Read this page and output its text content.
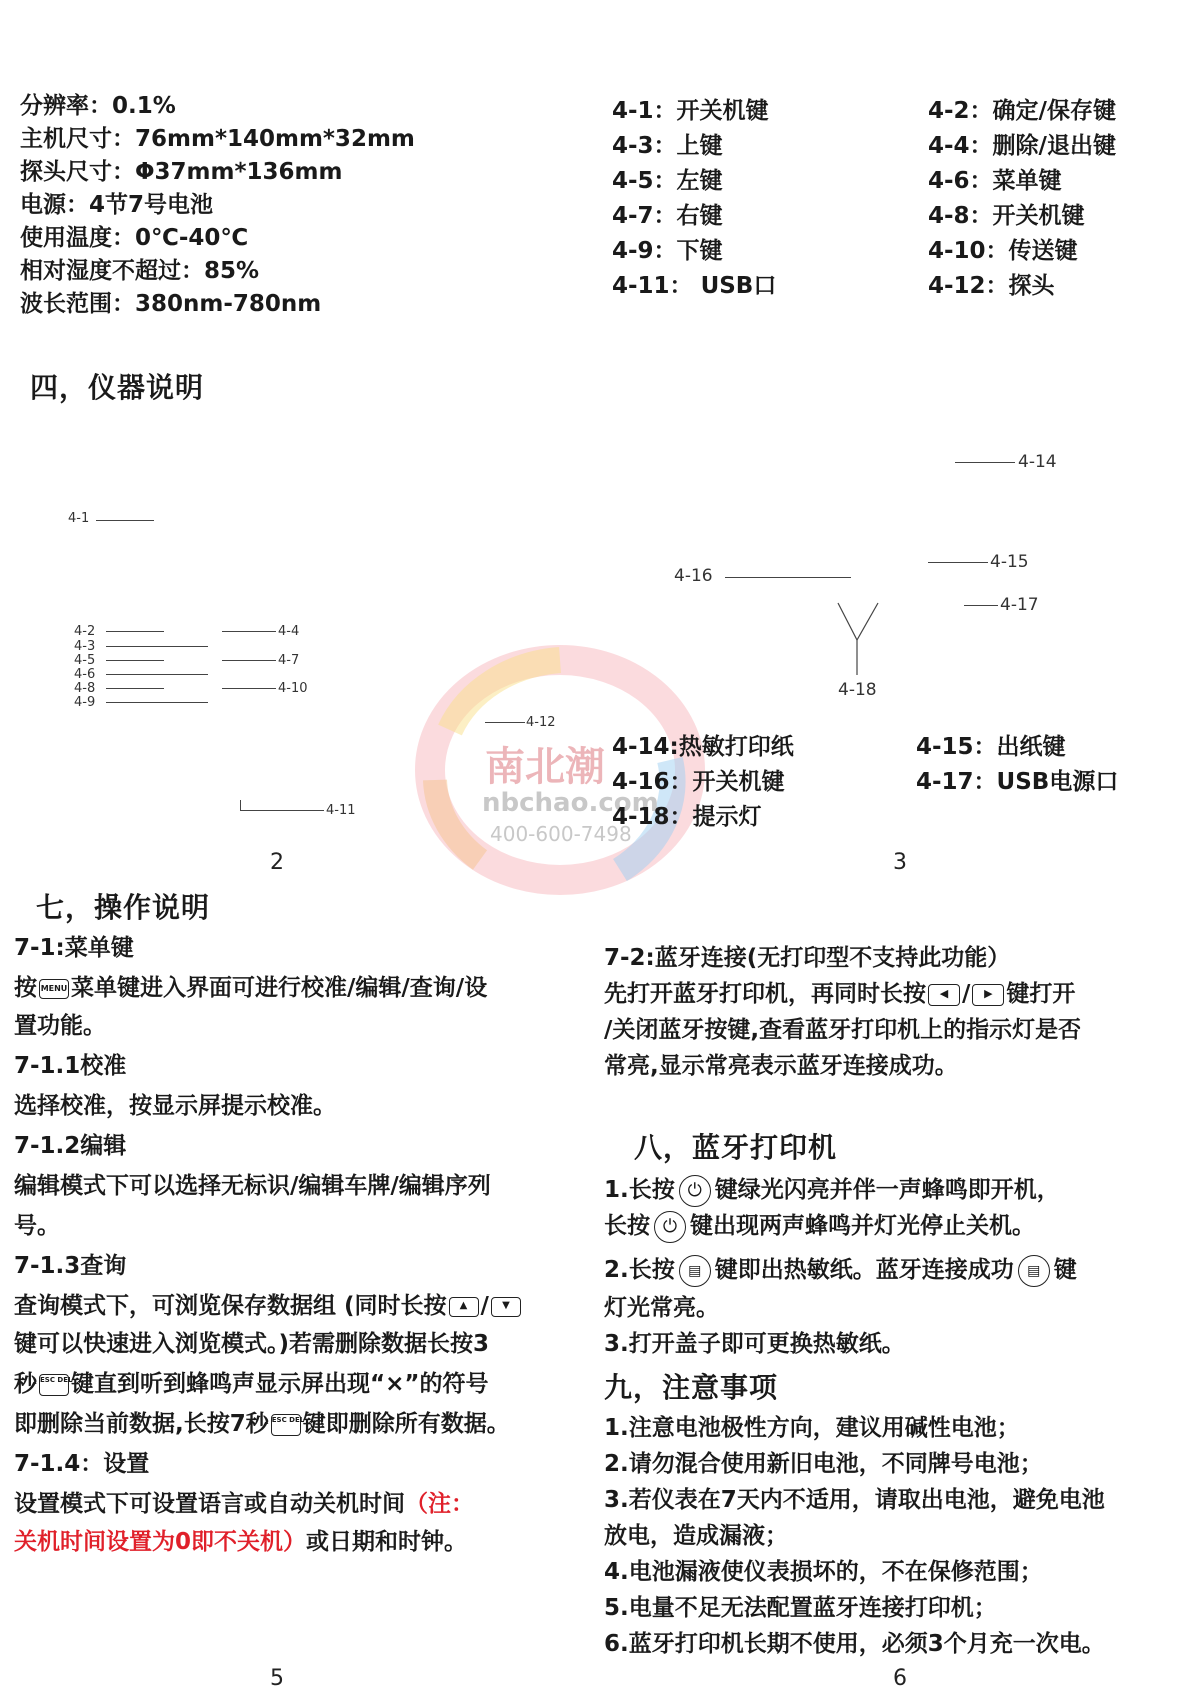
分辨率：0.1%
主机尺寸：76mm*140mm*32mm
探头尺寸：Φ37mm*136mm
电源：4节7号电池
使用温度：0℃-40℃
相对湿度不超过：85%
波长范围：380nm-780nm
4-1：开关机键	4-2：确定/保存键
4-3：上键	4-4：删除/退出键
4-5：左键	4-6：菜单键
4-7：右键	4-8：开关机键
4-9：下键	4-10：传送键
4-11： USB口	4-12：探头
四，仪器说明
南北潮
nbchao.com
400-600-7498
4-1
4-2
4-3
4-5
4-6
4-8
4-9
4-4
4-7
4-10
4-12
4-11
4-14
4-15
4-16
4-17
4-18
4-14:热敏打印纸	4-15：出纸键
4-16：开关机键	4-17：USB电源口
4-18：提示灯
2	3
5	6
七，操作说明
7-1:菜单键
按 MENU 菜单键进入界面可进行校准/编辑/查询/设
置功能。
7-1.1校准
选择校准，按显示屏提示校准。
7-1.2编辑
编辑模式下可以选择无标识/编辑车牌/编辑序列
号。
7-1.3查询
查询模式下，可浏览保存数据组 (同时长按 ▲ / ▼
键可以快速进入浏览模式。)若需删除数据长按3
秒 ESC DEL键直到听到蜂鸣声显示屏出现“×”的符号
即删除当前数据,长按7秒 ESC DEL键即删除所有数据。
7-1.4：设置
设置模式下可设置语言或自动关机时间（注：
关机时间设置为0即不关机）或日期和时钟。
7-2:蓝牙连接(无打印型不支持此功能）
先打开蓝牙打印机，再同时长按 ◀ / ▶ 键打开
/关闭蓝牙按键,查看蓝牙打印机上的指示灯是否
常亮,显示常亮表示蓝牙连接成功。
八，蓝牙打印机
1.长按 ⏻ 键绿光闪亮并伴一声蜂鸣即开机，
长按 ⏻ 键出现两声蜂鸣并灯光停止关机。
2.长按 ▤ 键即出热敏纸。蓝牙连接成功 ▤ 键
灯光常亮。
3.打开盖子即可更换热敏纸。
九，注意事项
1.注意电池极性方向，建议用碱性电池；
2.请勿混合使用新旧电池，不同牌号电池；
3.若仪表在7天内不适用，请取出电池，避免电池
放电，造成漏液；
4.电池漏液使仪表损坏的，不在保修范围；
5.电量不足无法配置蓝牙连接打印机；
6.蓝牙打印机长期不使用，必须3个月充一次电。
